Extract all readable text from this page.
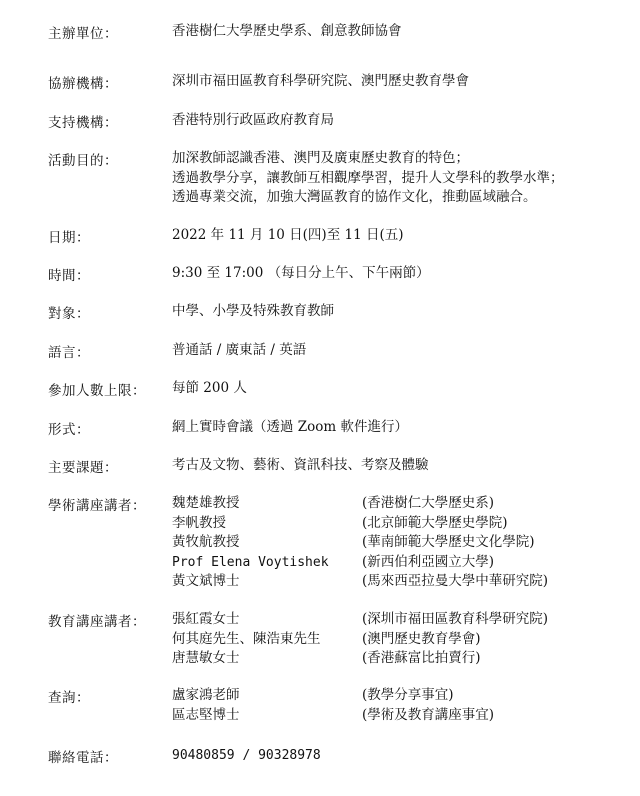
主辦單位：	香港樹仁大學歷史學系、創意教師協會
協辦機構：	深圳市福田區教育科學研究院、澳門歷史教育學會
支持機構：	香港特別行政區政府教育局
活動目的：	加深教師認識香港、澳門及廣東歷史教育的特色；
透過教學分享，讓教師互相觀摩學習，提升人文學科的教學水準；
透過專業交流，加強大灣區教育的協作文化，推動區域融合。
日期：	2022 年 11 月 10 日(四)至 11 日(五)
時間：	9:30 至 17:00 （每日分上午、下午兩節）
對象：	中學、小學及特殊教育教師
語言：	普通話 / 廣東話 / 英語
參加人數上限： 每節 200 人
形式：	網上實時會議（透過 Zoom 軟件進行）
主要課題：	考古及文物、藝術、資訊科技、考察及體驗
學術講座講者： 魏楚雄教授	(香港樹仁大學歷史系)
李帆教授	(北京師範大學歷史學院)
黃牧航教授	(華南師範大學歷史文化學院)
Prof Elena Voytishek (新西伯利亞國立大學)
黃文斌博士	(馬來西亞拉曼大學中華研究院)
教育講座講者： 張紅霞女士	(深圳市福田區教育科學研究院)
何其庭先生、陳浩東先生	(澳門歷史教育學會)
唐慧敏女士	(香港蘇富比拍賣行)
查詢：	盧家鴻老師	(教學分享事宜)
區志堅博士	(學術及教育講座事宜)
聯絡電話：	90480859 / 90328978
